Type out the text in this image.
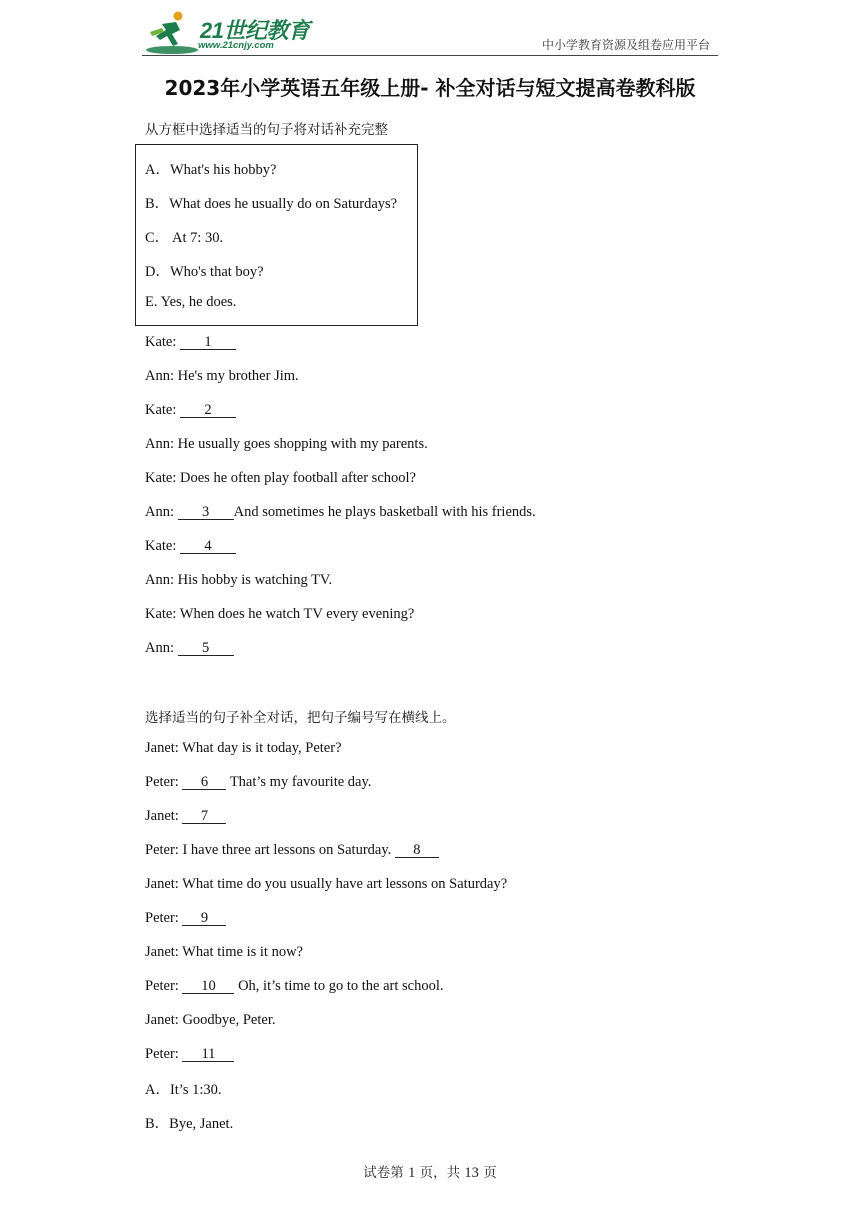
21世纪教育
www.21cnjy.com	中小学教育资源及组卷应用平台
2023年小学英语五年级上册- 补全对话与短文提高卷教科版
从方框中选择适当的句子将对话补充完整
A．What's his hobby?
B．What does he usually do on Saturdays?
C． At 7: 30.
D．Who's that boy?
E. Yes, he does.
Kate: 1
Ann: He's my brother Jim.
Kate: 2
Ann: He usually goes shopping with my parents.
Kate: Does he often play football after school?
Ann: 3 And sometimes he plays basketball with his friends.
Kate: 4
Ann: His hobby is watching TV.
Kate: When does he watch TV every evening?
Ann: 5
选择适当的句子补全对话，把句子编号写在横线上。
Janet: What day is it today, Peter?
Peter: 6 That’s my favourite day.
Janet: 7
Peter: I have three art lessons on Saturday. 8
Janet: What time do you usually have art lessons on Saturday?
Peter: 9
Janet: What time is it now?
Peter: 10 Oh, it’s time to go to the art school.
Janet: Goodbye, Peter.
Peter: 11
A．It’s 1:30.
B．Bye, Janet.
试卷第 1 页，共 13 页
